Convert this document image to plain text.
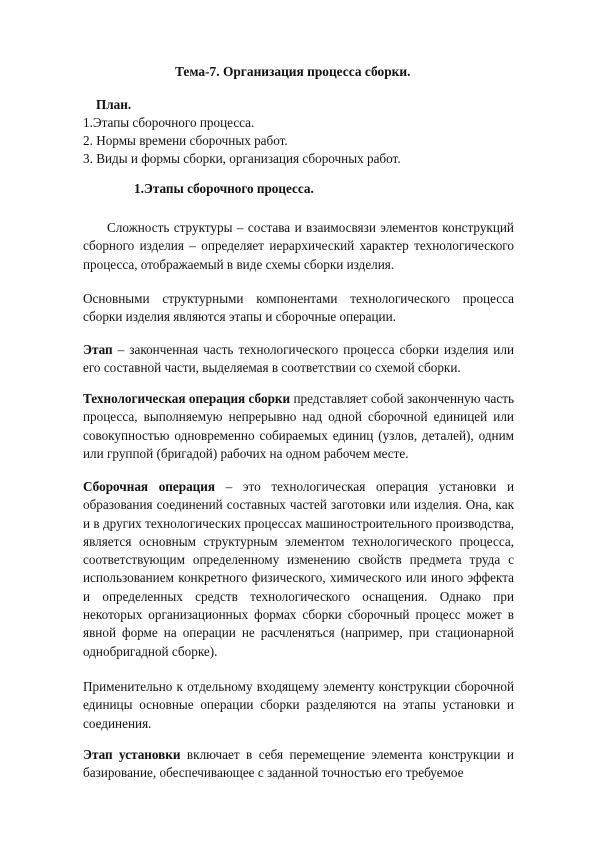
Тема-7. Организация процесса сборки.
План.
1.Этапы сборочного процесса.
2. Нормы времени сборочных работ.
3. Виды и формы сборки, организация сборочных работ.
1.Этапы сборочного процесса.

Сложность структуры – состава и взаимосвязи элементов конструкций сборного изделия – определяет иерархический характер технологического процесса, отображаемый в виде схемы сборки изделия.

Основными структурными компонентами технологического процесса сборки изделия являются этапы и сборочные операции.

Этап – законченная часть технологического процесса сборки изделия или его составной части, выделяемая в соответствии со схемой сборки.

Технологическая операция сборки представляет собой законченную часть процесса, выполняемую непрерывно над одной сборочной единицей или совокупностью одновременно собираемых единиц (узлов, деталей), одним или группой (бригадой) рабочих на одном рабочем месте.

Сборочная операция – это технологическая операция установки и образования соединений составных частей заготовки или изделия. Она, как и в других технологических процессах машиностроительного производства, является основным структурным элементом технологического процесса, соответствующим определенному изменению свойств предмета труда с использованием конкретного физического, химического или иного эффекта и определенных средств технологического оснащения. Однако при некоторых организационных формах сборки сборочный процесс может в явной форме на операции не расчленяться (например, при стационарной однобригадной сборке).

Применительно к отдельному входящему элементу конструкции сборочной единицы основные операции сборки разделяются на этапы установки и соединения.

Этап установки включает в себя перемещение элемента конструкции и базирование, обеспечивающее с заданной точностью его требуемое
